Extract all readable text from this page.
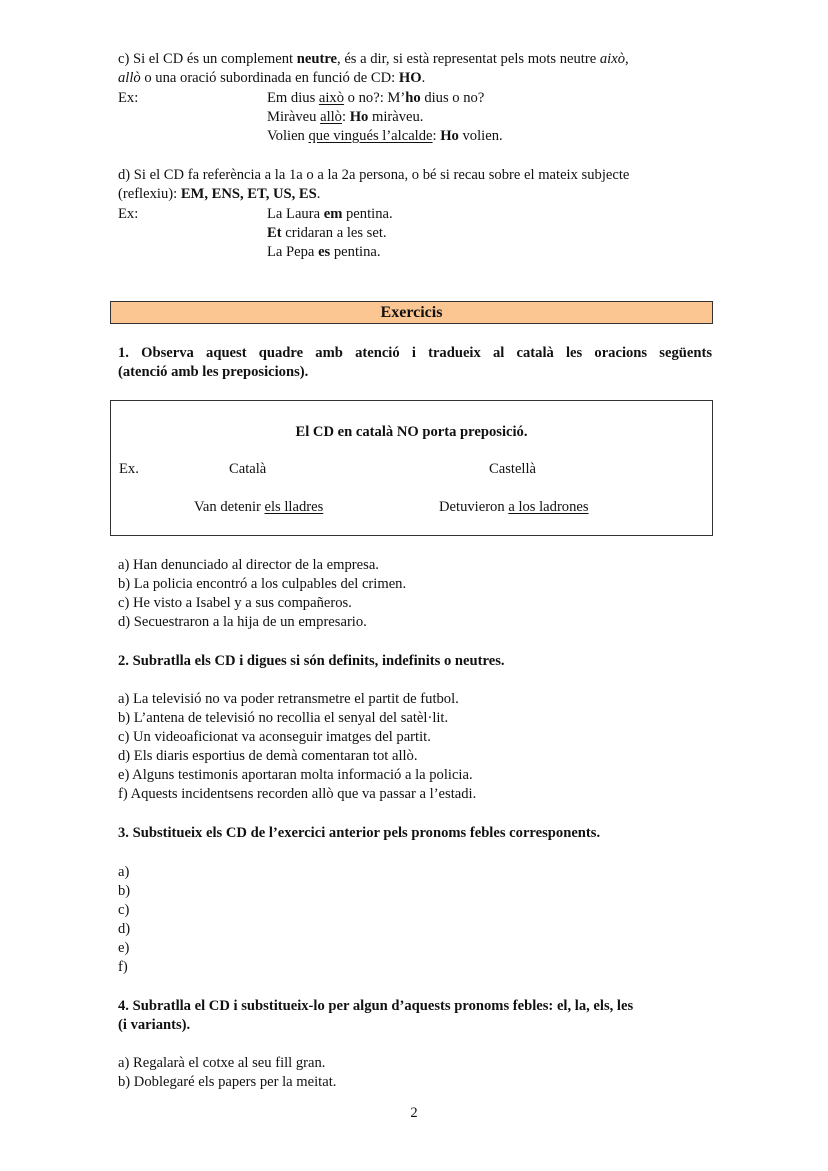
c) Si el CD és un complement neutre, és a dir, si està representat pels mots neutre això,
allò o una oració subordinada en funció de CD: HO.
Ex:	Em dius això o no?: M’ho dius o no?
Miràveu allò: Ho miràveu.
Volien que vingués l’alcalde: Ho volien.
d) Si el CD fa referència a la 1a o a la 2a persona, o bé si recau sobre el mateix subjecte
(reflexiu): EM, ENS, ET, US, ES.
Ex:	La Laura em pentina.
Et cridaran a les set.
La Pepa es pentina.
Exercicis
1. Observa aquest quadre amb atenció i tradueix al català les oracions següents
(atenció amb les preposicions).
El CD en català NO porta preposició.
Ex.	Català	Castellà
Van detenir els lladres	Detuvieron a los ladrones
a) Han denunciado al director de la empresa.
b) La policia encontró a los culpables del crimen.
c) He visto a Isabel y a sus compañeros.
d) Secuestraron a la hija de un empresario.
2. Subratlla els CD i digues si són definits, indefinits o neutres.
a) La televisió no va poder retransmetre el partit de futbol.
b) L’antena de televisió no recollia el senyal del satèl·lit.
c) Un videoaficionat va aconseguir imatges del partit.
d) Els diaris esportius de demà comentaran tot allò.
e) Alguns testimonis aportaran molta informació a la policia.
f) Aquests incidentsens recorden allò que va passar a l’estadi.
3. Substitueix els CD de l’exercici anterior pels pronoms febles corresponents.
a)
b)
c)
d)
e)
f)
4. Subratlla el CD i substitueix-lo per algun d’aquests pronoms febles: el, la, els, les
(i variants).
a) Regalarà el cotxe al seu fill gran.
b) Doblegaré els papers per la meitat.
2
